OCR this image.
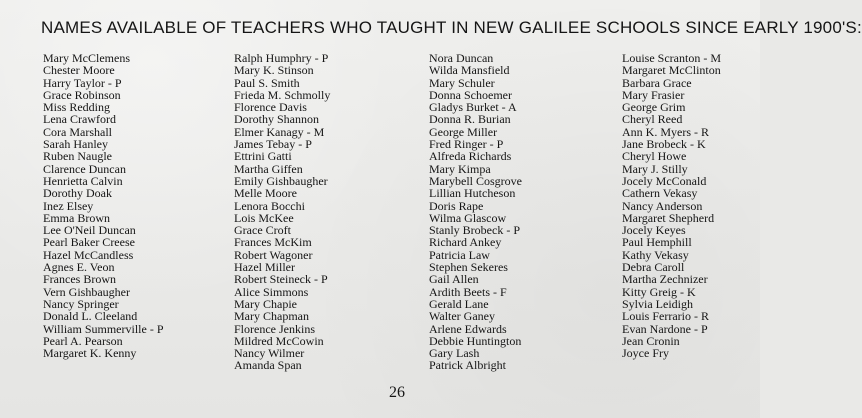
NAMES AVAILABLE OF TEACHERS WHO TAUGHT IN NEW GALILEE SCHOOLS SINCE EARLY 1900'S:
Mary McClemens
Chester Moore
Harry Taylor - P
Grace Robinson
Miss Redding
Lena Crawford
Cora Marshall
Sarah Hanley
Ruben Naugle
Clarence Duncan
Henrietta Calvin
Dorothy Doak
Inez Elsey
Emma Brown
Lee O'Neil Duncan
Pearl Baker Creese
Hazel McCandless
Agnes E. Veon
Frances Brown
Vern Gishbaugher
Nancy Springer
Donald L. Cleeland
William Summerville - P
Pearl A. Pearson
Margaret K. Kenny
Ralph Humphry - P
Mary K. Stinson
Paul S. Smith
Frieda M. Schmolly
Florence Davis
Dorothy Shannon
Elmer Kanagy - M
James Tebay - P
Ettrini Gatti
Martha Giffen
Emily Gishbaugher
Melle Moore
Lenora Bocchi
Lois McKee
Grace Croft
Frances McKim
Robert Wagoner
Hazel Miller
Robert Steineck - P
Alice Simmons
Mary Chapie
Mary Chapman
Florence Jenkins
Mildred McCowin
Nancy Wilmer
Amanda Span
Nora Duncan
Wilda Mansfield
Mary Schuler
Donna Schoemer
Gladys Burket - A
Donna R. Burian
George Miller
Fred Ringer - P
Alfreda Richards
Mary Kimpa
Marybell Cosgrove
Lillian Hutcheson
Doris Rape
Wilma Glascow
Stanly Brobeck - P
Richard Ankey
Patricia Law
Stephen Sekeres
Gail Allen
Ardith Beets - F
Gerald Lane
Walter Ganey
Arlene Edwards
Debbie Huntington
Gary Lash
Patrick Albright
Louise Scranton - M
Margaret McClinton
Barbara Grace
Mary Frasier
George Grim
Cheryl Reed
Ann K. Myers - R
Jane Brobeck - K
Cheryl Howe
Mary J. Stilly
Jocely McConald
Cathern Vekasy
Nancy Anderson
Margaret Shepherd
Jocely Keyes
Paul Hemphill
Kathy Vekasy
Debra Caroll
Martha Zechnizer
Kitty Greig - K
Sylvia Leidigh
Louis Ferrario - R
Evan Nardone - P
Jean Cronin
Joyce Fry
26
